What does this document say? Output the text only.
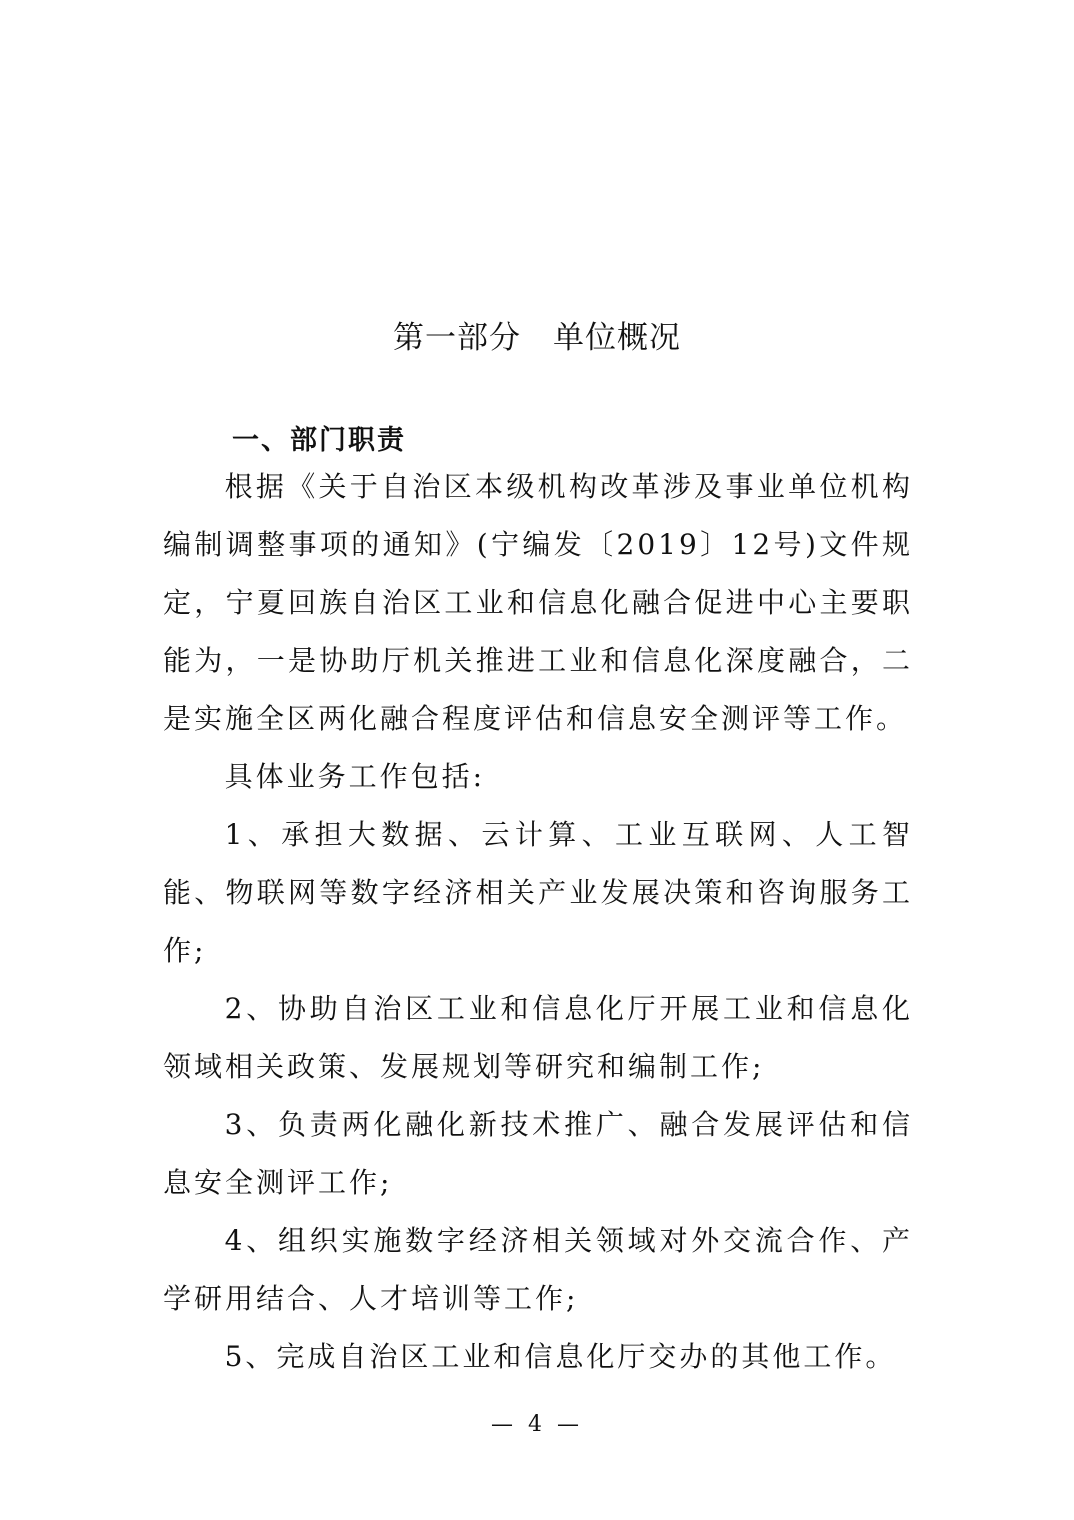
第一部分　单位概况
一、部门职责

根据《关于自治区本级机构改革涉及事业单位机构编制调整事项的通知》(宁编发〔2019〕12号)文件规定，宁夏回族自治区工业和信息化融合促进中心主要职能为，一是协助厅机关推进工业和信息化深度融合，二是实施全区两化融合程度评估和信息安全测评等工作。

具体业务工作包括:

1、承担大数据、云计算、工业互联网、人工智能、物联网等数字经济相关产业发展决策和咨询服务工作;

2、协助自治区工业和信息化厅开展工业和信息化领域相关政策、发展规划等研究和编制工作;

3、负责两化融化新技术推广、融合发展评估和信息安全测评工作;

4、组织实施数字经济相关领域对外交流合作、产学研用结合、人才培训等工作;

5、完成自治区工业和信息化厅交办的其他工作。

— 4 —
